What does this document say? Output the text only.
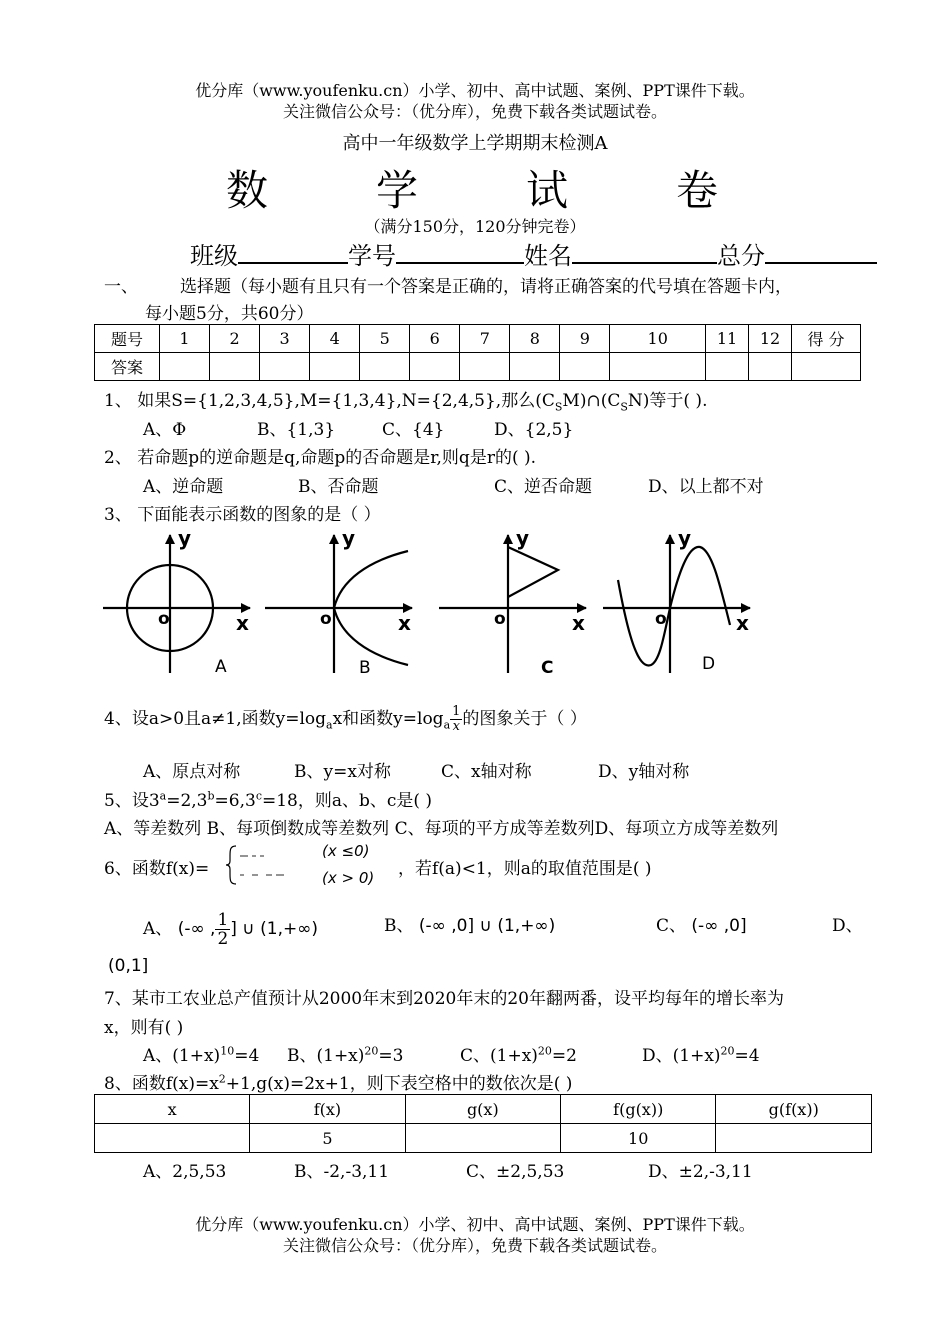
优分库（www.youfenku.cn）小学、初中、高中试题、案例、PPT课件下载。
关注微信公众号：（优分库），免费下载各类试题试卷。
高中一年级数学上学期期末检测A
数 学 试 卷
（满分150分，120分钟完卷）
班级	学号	姓名	总分
一、 选择题（每小题有且只有一个答案是正确的，请将正确答案的代号填在答题卡内，
每小题5分，共60分）
题号	1	2	3	4	5	6	7	8	9	10	11	12	得 分
答案													
1、 如果S={1,2,3,4,5},M={1,3,4},N={2,4,5},那么$(C_SM)\cap(C_SN)$等于( ).
A、Φ	B、{1,3}	C、{4}	D、{2,5}
2、 若命题p的逆命题是q,命题p的否命题是r,则q是r的( ).
A、逆命题	B、否命题	C、逆否命题	D、以上都不对
3、 下面能表示函数的图象的是（ ）
y
x
o
A
y
x
o
B
y
x
o
C
y
x
o
D
4、设a>0且a≠1,函数$y=\log_ax$和函数$y=\log_a \frac{1}{x}$ 的图象关于（ ）
A、原点对称	B、y=x对称	C、x轴对称	D、y轴对称
5、设$3^a=2,3^b=6,3^c=18$，则a、b、c是( )
A、等差数列 B、每项倒数成等差数列 C、每项的平方成等差数列D、每项立方成等差数列
6、函数f(x)=
(x ≤0)
(x > 0) ，若f(a)<1，则a的取值范围是( )
A、 (-∞ , $\frac{1}{2}$ ] ∪ (1,+∞)	B、 (-∞ ,0] ∪ (1,+∞)	C、 (-∞ ,0]	D、
(0,1]
7、某市工农业总产值预计从2000年末到2020年末的20年翻两番，设平均每年的增长率为
x，则有( )
A、$(1+x)^{10}=4$ B、$(1+x)^{20}=3$	C、$(1+x)^{20}=2$	D、$(1+x)^{20}=4$
8、函数$f(x)=x^2+1,g(x)=2x+1$，则下表空格中的数依次是( )
x	f(x)	g(x)	f(g(x))	g(f(x))
	5		10	
A、2,5,53	B、-2,-3,11	C、±2,5,53	D、±2,-3,11
优分库（www.youfenku.cn）小学、初中、高中试题、案例、PPT课件下载。
关注微信公众号：（优分库），免费下载各类试题试卷。
